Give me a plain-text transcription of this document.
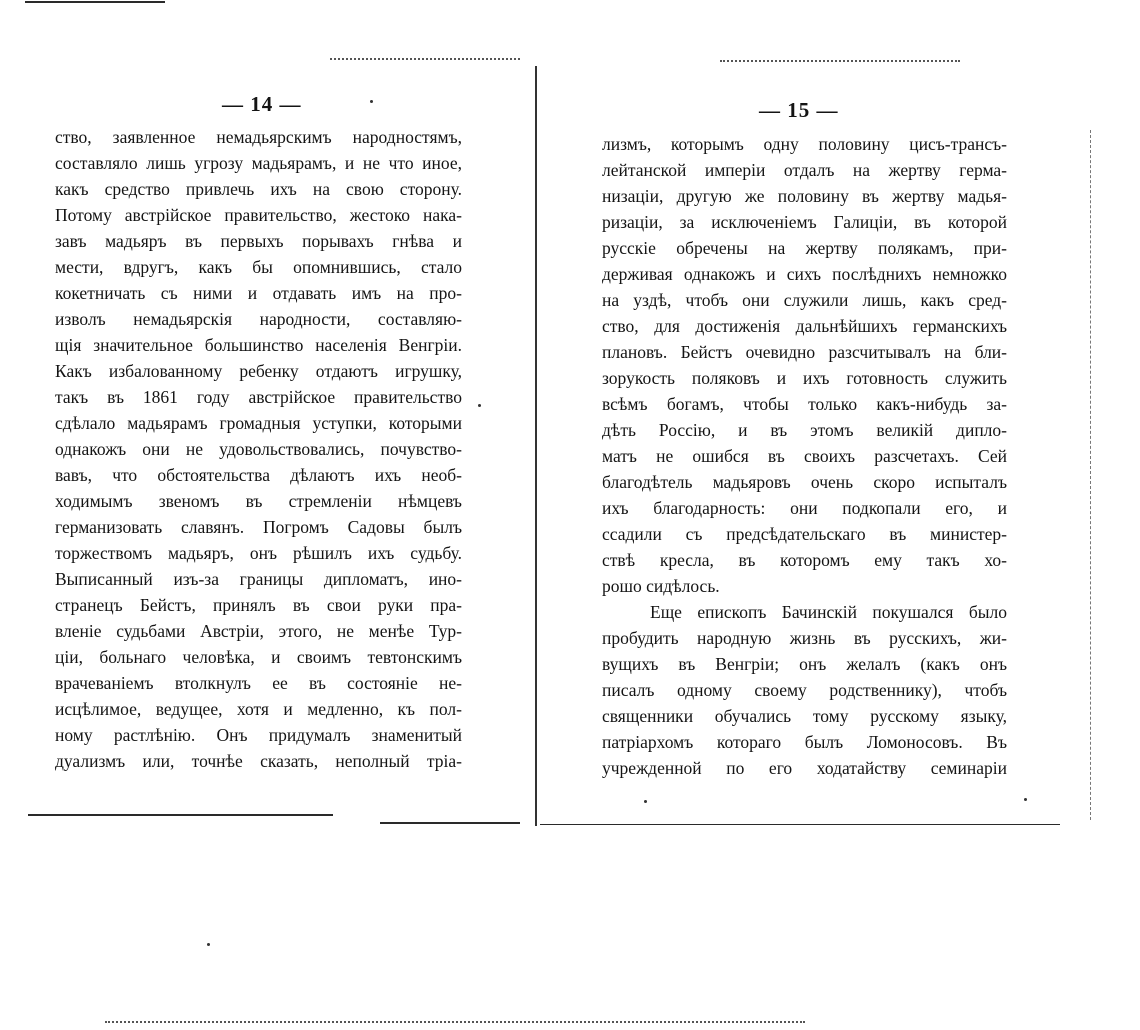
— 14 —
ство, заявленное немадьярскимъ народностямъ,
составляло лишь угрозу мадьярамъ, и не что иное,
какъ средство привлечь ихъ на свою сторону.
Потому австрійское правительство, жестоко нака-
завъ мадьяръ въ первыхъ порывахъ гнѣва и
мести, вдругъ, какъ бы опомнившись, стало
кокетничать съ ними и отдавать имъ на про-
изволъ немадьярскія народности, составляю-
щія значительное большинство населенія Венгріи.
Какъ избалованному ребенку отдаютъ игрушку,
такъ въ 1861 году австрійское правительство
сдѣлало мадьярамъ громадныя уступки, которыми
однакожъ они не удовольствовались, почувство-
вавъ, что обстоятельства дѣлаютъ ихъ необ-
ходимымъ звеномъ въ стремленіи нѣмцевъ
германизовать славянъ. Погромъ Садовы былъ
торжествомъ мадьяръ, онъ рѣшилъ ихъ судьбу.
Выписанный изъ-за границы дипломатъ, ино-
странецъ Бейстъ, принялъ въ свои руки пра-
вленіе судьбами Австріи, этого, не менѣе Тур-
ціи, больнаго человѣка, и своимъ тевтонскимъ
врачеваніемъ втолкнулъ ее въ состояніе не-
исцѣлимое, ведущее, хотя и медленно, къ пол-
ному растлѣнію. Онъ придумалъ знаменитый
дуализмъ или, точнѣе сказать, неполный тріа-
— 15 —
лизмъ, которымъ одну половину цисъ-трансъ-
лейтанской имперіи отдалъ на жертву герма-
низаціи, другую же половину въ жертву мадья-
ризаціи, за исключеніемъ Галиціи, въ которой
русскіе обречены на жертву полякамъ, при-
держивая однакожъ и сихъ послѣднихъ немножко
на уздѣ, чтобъ они служили лишь, какъ сред-
ство, для достиженія дальнѣйшихъ германскихъ
плановъ. Бейстъ очевидно разсчитывалъ на бли-
зорукость поляковъ и ихъ готовность служить
всѣмъ богамъ, чтобы только какъ-нибудь за-
дѣть Россію, и въ этомъ великій дипло-
матъ не ошибся въ своихъ разсчетахъ. Сей
благодѣтель мадьяровъ очень скоро испыталъ
ихъ благодарность: они подкопали его, и
ссадили съ предсѣдательскаго въ министер-
ствѣ кресла, въ которомъ ему такъ хо-
рошо сидѣлось.
Еще епископъ Бачинскій покушался было
пробудить народную жизнь въ русскихъ, жи-
вущихъ въ Венгріи; онъ желалъ (какъ онъ
писалъ одному своему родственнику), чтобъ
священники обучались тому русскому языку,
патріархомъ котораго былъ Ломоносовъ. Въ
учрежденной по его ходатайству семинаріи
